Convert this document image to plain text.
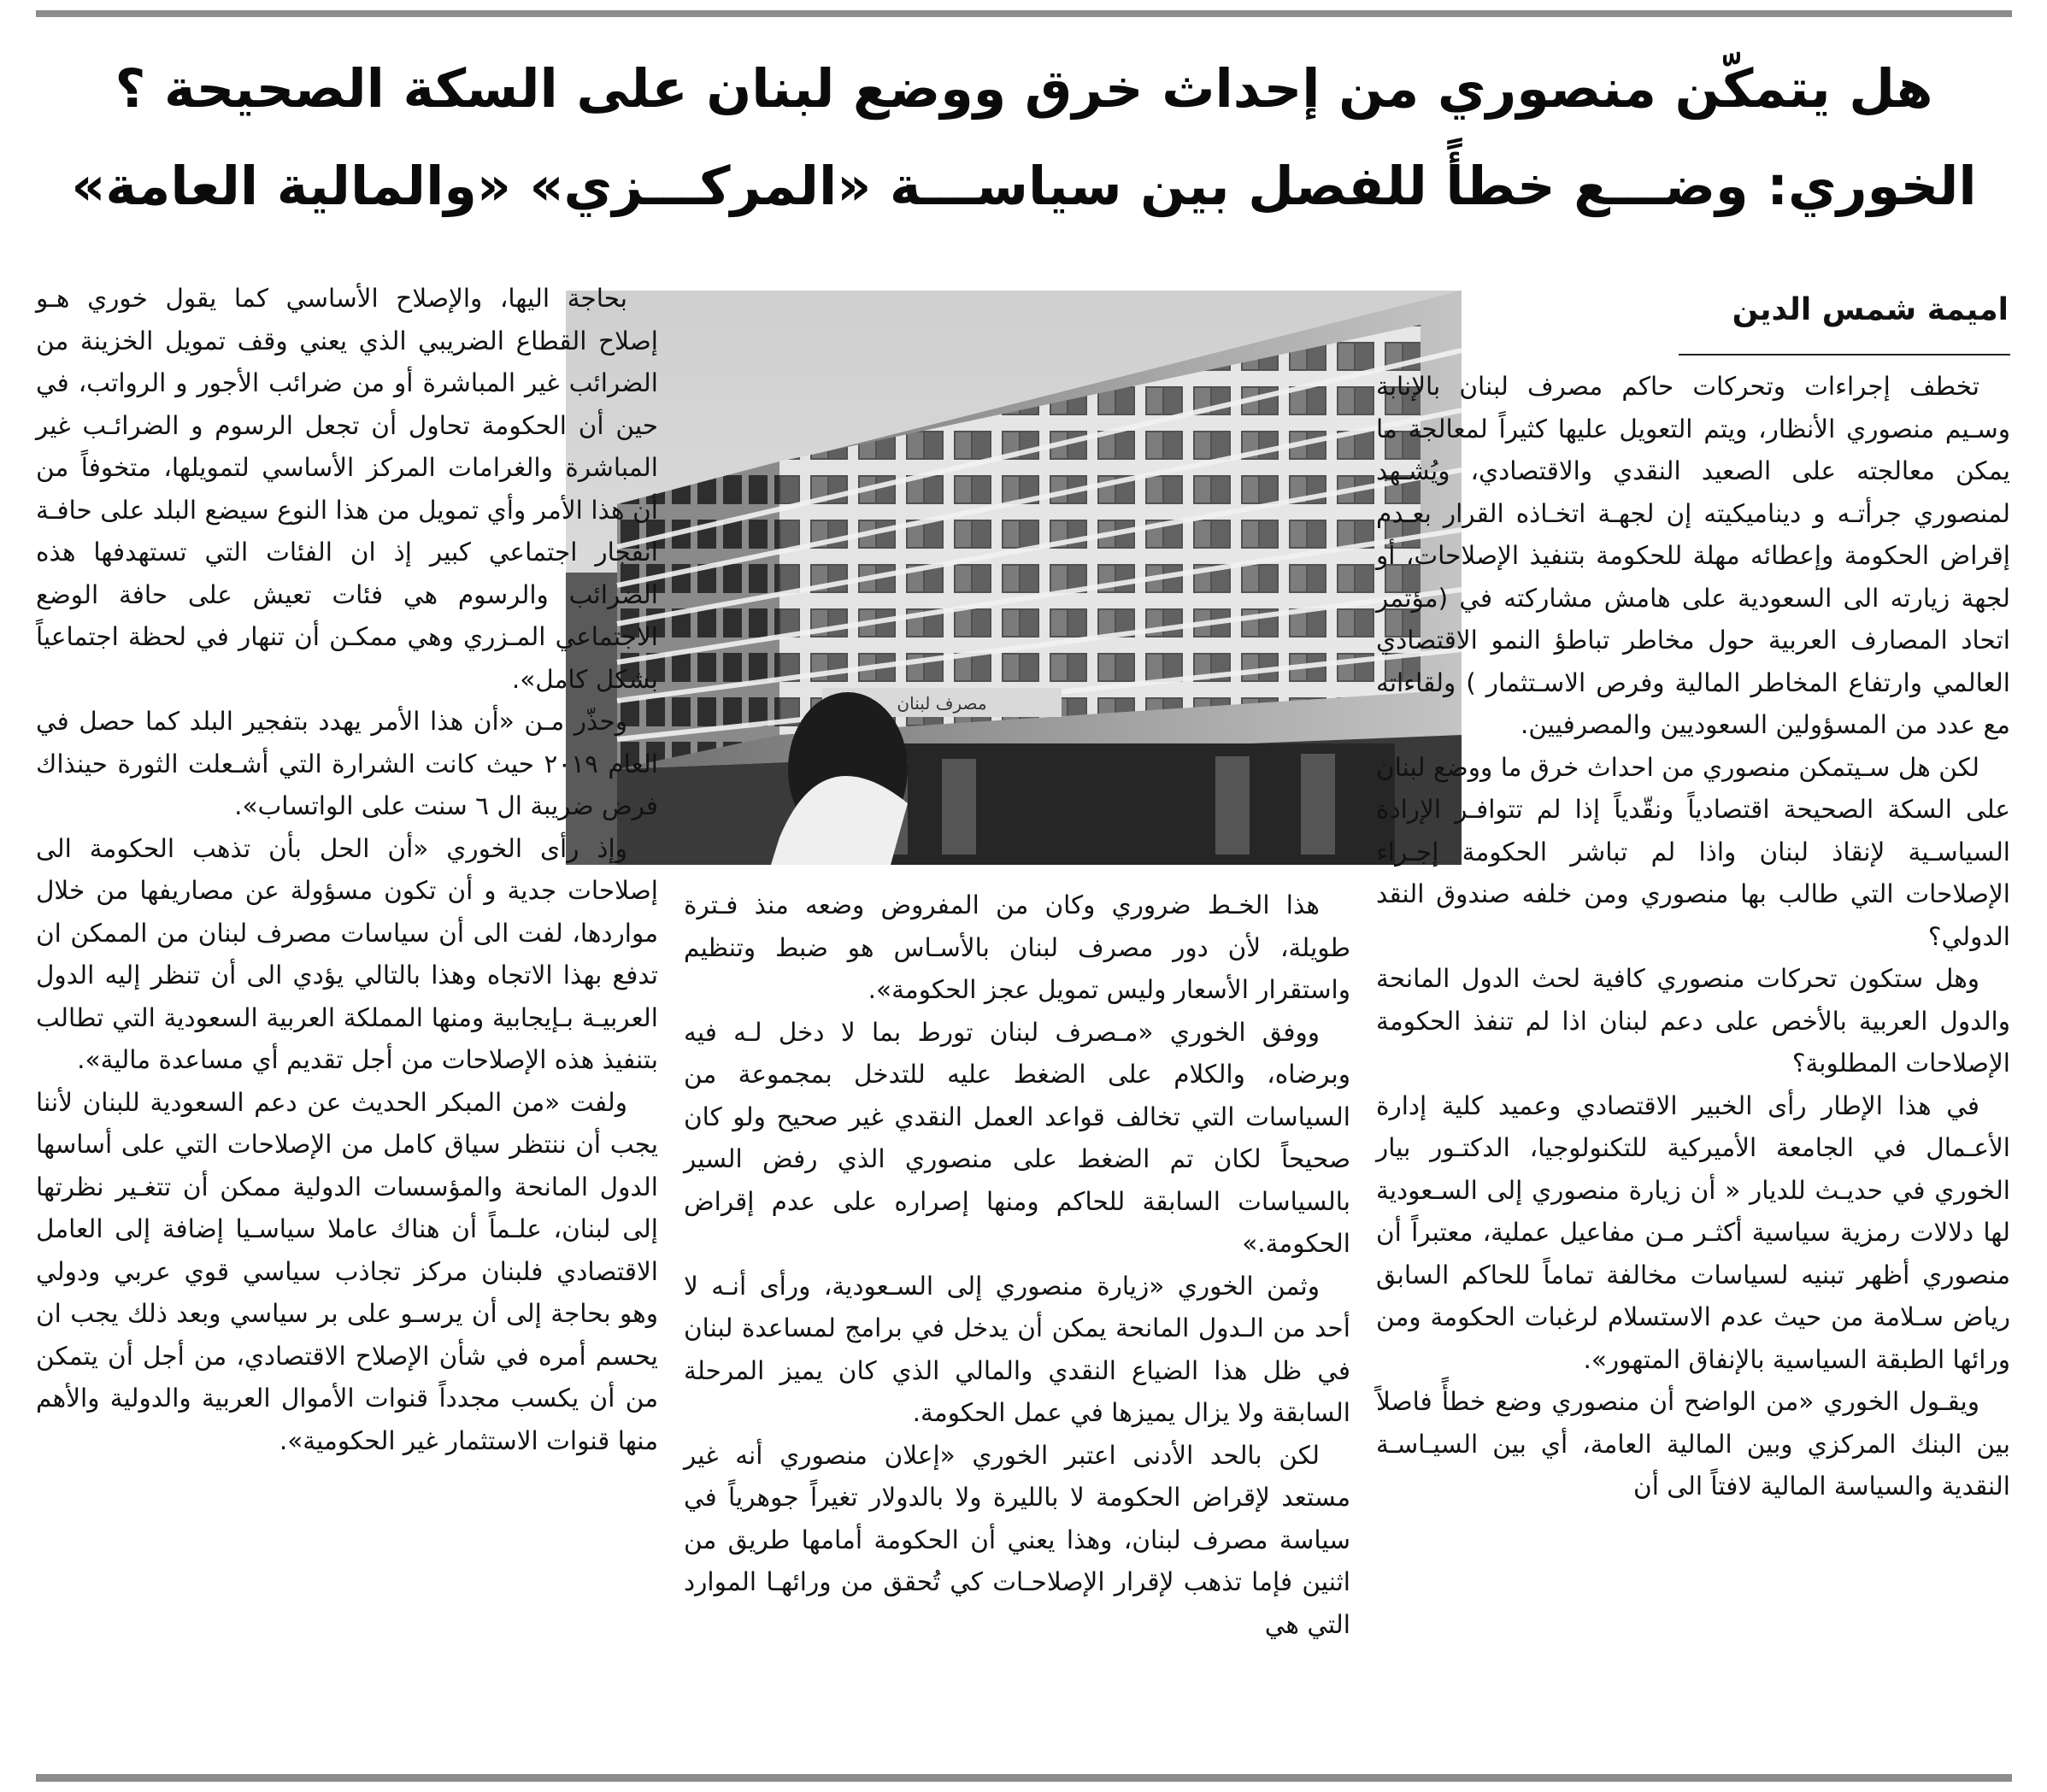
هل يتمكّن منصوري من إحداث خرق ووضع لبنان على السكة الصحيحة ؟
الخوري: وضـــع خطأً للفصل بين سياســـة «المركـــزي» «والمالية العامة»
اميمة شمس الدين
مصرف لبنان

تخطف إجراءات وتحركات حاكم مصرف لبنان بالإنابة وسـيم منصوري الأنظار، ويتم التعويل عليها كثيراً لمعالجة ما يمكن معالجته على الصعيد النقدي والاقتصادي، ويُشـهد لمنصوري جرأتـه و ديناميكيته إن لجهـة اتخـاذه القرار بعـدم إقراض الحكومة وإعطائه مهلة للحكومة بتنفيذ الإصلاحات، أو لجهة زيارته الى السعودية على هامش مشاركته في (مؤتمر اتحاد المصارف العربية حول مخاطر تباطؤ النمو الاقتصادي العالمي وارتفاع المخاطر المالية وفرص الاسـتثمار ) ولقاءاته مع عدد من المسؤولين السعوديين والمصرفيين.

لكن هل سـيتمكن منصوري من احداث خرق ما ووضع لبنان على السكة الصحيحة اقتصادياً ونقّدياً إذا لم تتوافـر الإرادة السياسـية لإنقاذ لبنان واذا لم تباشر الحكومة إجـراء الإصلاحات التي طالب بها منصوري ومن خلفه صندوق النقد الدولي؟

وهل ستكون تحركات منصوري كافية لحث الدول المانحة والدول العربية بالأخص على دعم لبنان اذا لم تنفذ الحكومة الإصلاحات المطلوبة؟

في هذا الإطار رأى الخبير الاقتصادي وعميد كلية إدارة الأعـمال في الجامعة الأميركية للتكنولوجيا، الدكتـور بيار الخوري في حديـث للديار « أن زيارة منصوري إلى السـعودية لها دلالات رمزية سياسية أكثـر مـن مفاعيل عملية، معتبراً أن منصوري أظهر تبنيه لسياسات مخالفة تماماً للحاكم السابق رياض سـلامة من حيث عدم الاستسلام لرغبات الحكومة ومن ورائها الطبقة السياسية بالإنفاق المتهور».

ويقـول الخوري «من الواضح أن منصوري وضع خطأً فاصلاً بين البنك المركزي وبين المالية العامة، أي بين السيـاسـة النقدية والسياسة المالية لافتاً الى أن

هذا الخـط ضروري وكان من المفروض وضعه منذ فـترة طويلة، لأن دور مصرف لبنان بالأسـاس هو ضبط وتنظيم واستقرار الأسعار وليس تمويل عجز الحكومة».

ووفق الخوري «مـصرف لبنان تورط بما لا دخل لـه فيه وبرضاه، والكلام على الضغط عليه للتدخل بمجموعة من السياسات التي تخالف قواعد العمل النقدي غير صحيح ولو كان صحيحاً لكان تم الضغط على منصوري الذي رفض السير بالسياسات السابقة للحاكم ومنها إصراره على عدم إقراض الحكومة.»

وثمن الخوري «زيارة منصوري إلى السـعودية، ورأى أنـه لا أحد من الـدول المانحة يمكن أن يدخل في برامج لمساعدة لبنان في ظل هذا الضياع النقدي والمالي الذي كان يميز المرحلة السابقة ولا يزال يميزها في عمل الحكومة.

لكن بالحد الأدنى اعتبر الخوري «إعلان منصوري أنه غير مستعد لإقراض الحكومة لا بالليرة ولا بالدولار تغيراً جوهرياً في سياسة مصرف لبنان، وهذا يعني أن الحكومة أمامها طريق من اثنين فإما تذهب لإقرار الإصلاحـات كي تُحقق من ورائهـا الموارد التي هي

بحاجة اليها، والإصلاح الأساسي كما يقول خوري هـو إصلاح القطاع الضريبي الذي يعني وقف تمويل الخزينة من الضرائب غير المباشرة أو من ضرائب الأجور و الرواتب، في حين أن الحكومة تحاول أن تجعل الرسوم و الضرائـب غير المباشرة والغرامات المركز الأساسي لتمويلها، متخوفاً من أن هذا الأمر وأي تمويل من هذا النوع سيضع البلد على حافـة انفجار اجتماعي كبير إذ ان الفئات التي تستهدفها هذه الضرائب والرسوم هي فئات تعيش على حافة الوضع الاجتماعي المـزري وهي ممكـن أن تنهار في لحظة اجتماعياً بشكل كامل».

وحذّر مـن «أن هذا الأمر يهدد بتفجير البلد كما حصل في العام ٢٠١٩ حيث كانت الشرارة التي أشـعلت الثورة حينذاك فرض ضريبة ال ٦ سنت على الواتساب».

وإذ رأى الخوري «أن الحل بأن تذهب الحكومة الى إصلاحات جدية و أن تكون مسؤولة عن مصاريفها من خلال مواردها، لفت الى أن سياسات مصرف لبنان من الممكن ان تدفع بهذا الاتجاه وهذا بالتالي يؤدي الى أن تنظر إليه الدول العربيـة بـإيجابية ومنها المملكة العربية السعودية التي تطالب بتنفيذ هذه الإصلاحات من أجل تقديم أي مساعدة مالية».

ولفت «من المبكر الحديث عن دعم السعودية للبنان لأننا يجب أن ننتظر سياق كامل من الإصلاحات التي على أساسها الدول المانحة والمؤسسات الدولية ممكن أن تتغـير نظرتها إلى لبنان، علـماً أن هناك عاملا سياسـيا إضافة إلى العامل الاقتصادي فلبنان مركز تجاذب سياسي قوي عربي ودولي وهو بحاجة إلى أن يرسـو على بر سياسي وبعد ذلك يجب ان يحسم أمره في شأن الإصلاح الاقتصادي، من أجل أن يتمكن من أن يكسب مجدداً قنوات الأموال العربية والدولية والأهم منها قنوات الاستثمار غير الحكومية».
